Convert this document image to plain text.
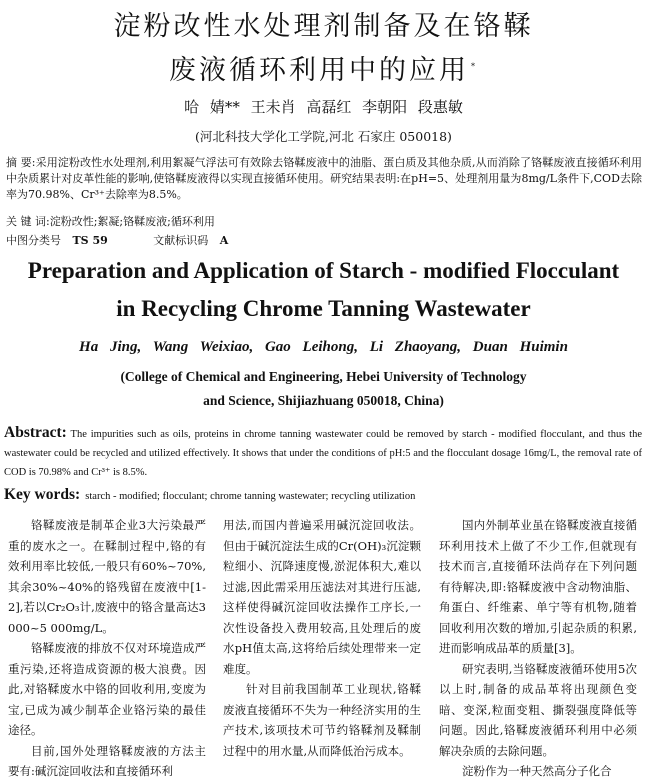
淀粉改性水处理剂制备及在铬鞣
废液循环利用中的应用 *
哈 婧** 王未肖 高磊红 李朝阳 段惠敏
(河北科技大学化工学院,河北 石家庄 050018)
摘 要:采用淀粉改性水处理剂,利用絮凝气浮法可有效除去铬鞣废液中的油脂、蛋白质及其他杂质,从而消除了铬鞣废液直接循环利用中杂质累计对皮革性能的影响,使铬鞣废液得以实现直接循环使用。研究结果表明:在pH=5、处理剂用量为8mg/L条件下,COD去除率为70.98%、Cr³⁺去除率为8.5%。
关 键 词:淀粉改性;絮凝;铬鞣废液;循环利用
中图分类号 TS 59	文献标识码 A
Preparation and Application of Starch - modified Flocculant
in Recycling Chrome Tanning Wastewater
Ha Jing, Wang Weixiao, Gao Leihong, Li Zhaoyang, Duan Huimin
(College of Chemical and Engineering, Hebei University of Technology
and Science, Shijiazhuang 050018, China)
Abstract: The impurities such as oils, proteins in chrome tanning wastewater could be removed by starch - modified flocculant, and thus the wastewater could be recycled and utilized effectively. It shows that under the conditions of pH:5 and the flocculant dosage 16mg/L, the removal rate of COD is 70.98% and Cr³⁺ is 8.5%.
Key words: starch - modified; flocculant; chrome tanning wastewater; recycling utilization

铬鞣废液是制革企业3大污染最严重的废水之一。在鞣制过程中,铬的有效利用率比较低,一般只有60%~70%,其余30%~40%的铬残留在废液中[1-2],若以Cr₂O₃计,废液中的铬含量高达3 000~5 000mg/L。

铬鞣废液的排放不仅对环境造成严重污染,还将造成资源的极大浪费。因此,对铬鞣废水中铬的回收利用,变废为宝,已成为减少制革企业铬污染的最佳途径。

目前,国外处理铬鞣废液的方法主要有:碱沉淀回收法和直接循环利

用法,而国内普遍采用碱沉淀回收法。但由于碱沉淀法生成的Cr(OH)₃沉淀颗粒细小、沉降速度慢,淤泥体积大,难以过滤,因此需采用压滤法对其进行压滤,这样使得碱沉淀回收法操作工序长,一次性设备投入费用较高,且处理后的废水pH值太高,这将给后续处理带来一定难度。

针对目前我国制革工业现状,铬鞣废液直接循环不失为一种经济实用的生产技术,该项技术可节约铬鞣剂及鞣制过程中的用水量,从而降低治污成本。

国内外制革业虽在铬鞣废液直接循环利用技术上做了不少工作,但就现有技术而言,直接循环法尚存在下列问题有待解决,即:铬鞣废液中含动物油脂、角蛋白、纤维素、单宁等有机物,随着回收利用次数的增加,引起杂质的积累,进而影响成品革的质量[3]。

研究表明,当铬鞣废液循环使用5次以上时,制备的成品革将出现颜色变暗、变深,粒面变粗、撕裂强度降低等问题。因此,铬鞣废液循环利用中必须解决杂质的去除问题。

淀粉作为一种天然高分子化合
